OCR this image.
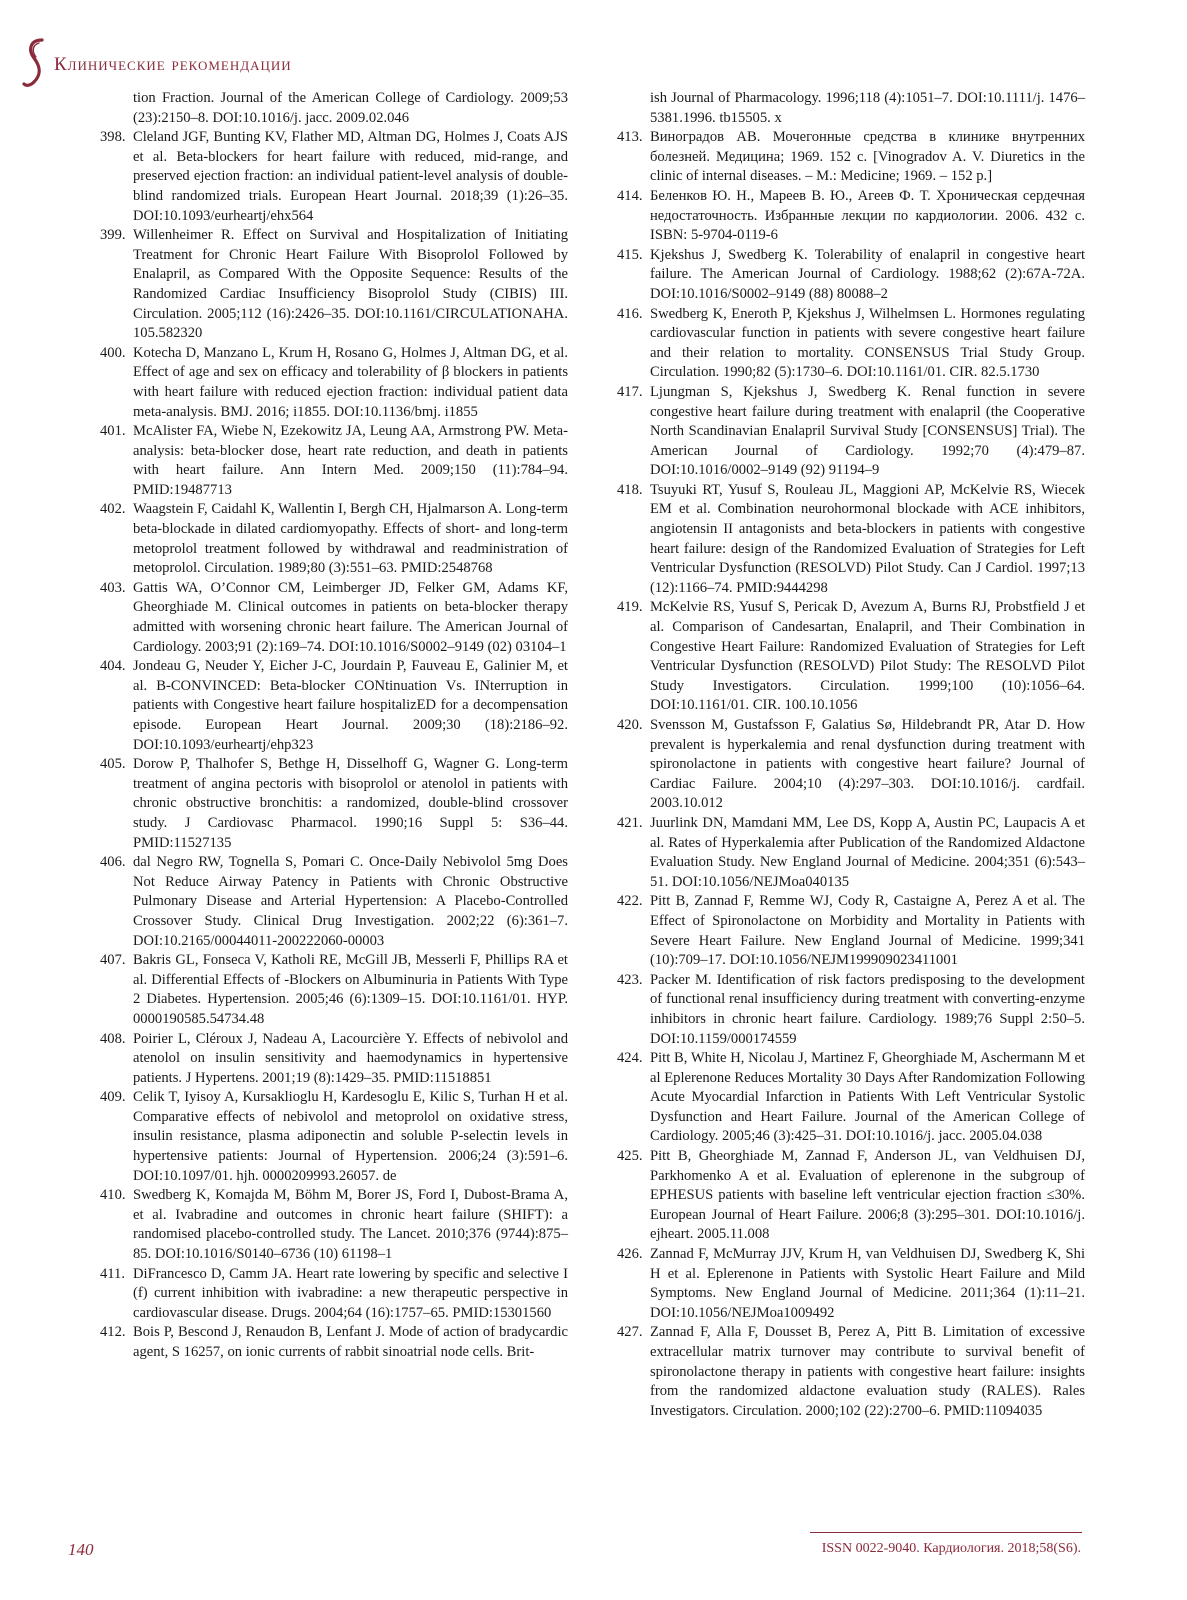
Клинические рекомендации

tion Fraction. Journal of the American College of Cardiology. 2009;53 (23):2150–8. DOI:10.1016/j. jacc. 2009.02.046

398. Cleland JGF, Bunting KV, Flather MD, Altman DG, Holmes J, Coats AJS et al. Beta-blockers for heart failure with reduced, mid-range, and preserved ejection fraction: an individual patient-level analysis of double-blind randomized trials. European Heart Journal. 2018;39 (1):26–35. DOI:10.1093/eurheartj/ehx564

399. Willenheimer R. Effect on Survival and Hospitalization of Initiating Treatment for Chronic Heart Failure With Bisoprolol Followed by Enalapril, as Compared With the Opposite Sequence: Results of the Randomized Cardiac Insufficiency Bisoprolol Study (CIBIS) III. Circulation. 2005;112 (16):2426–35. DOI:10.1161/CIRCULATIONAHA. 105.582320

400. Kotecha D, Manzano L, Krum H, Rosano G, Holmes J, Altman DG, et al. Effect of age and sex on efficacy and tolerability of β blockers in patients with heart failure with reduced ejection fraction: individual patient data meta-analysis. BMJ. 2016; i1855. DOI:10.1136/bmj. i1855

401. McAlister FA, Wiebe N, Ezekowitz JA, Leung AA, Armstrong PW. Meta-analysis: beta-blocker dose, heart rate reduction, and death in patients with heart failure. Ann Intern Med. 2009;150 (11):784–94. PMID:19487713

402. Waagstein F, Caidahl K, Wallentin I, Bergh CH, Hjalmarson A. Long-term beta-blockade in dilated cardiomyopathy. Effects of short- and long-term metoprolol treatment followed by withdrawal and readministration of metoprolol. Circulation. 1989;80 (3):551–63. PMID:2548768

403. Gattis WA, O’Connor CM, Leimberger JD, Felker GM, Adams KF, Gheorghiade M. Clinical outcomes in patients on beta-blocker therapy admitted with worsening chronic heart failure. The American Journal of Cardiology. 2003;91 (2):169–74. DOI:10.1016/S0002–9149 (02) 03104–1

404. Jondeau G, Neuder Y, Eicher J-C, Jourdain P, Fauveau E, Galinier M, et al. B-CONVINCED: Beta-blocker CONtinuation Vs. INterruption in patients with Congestive heart failure hospitalizED for a decompensation episode. European Heart Journal. 2009;30 (18):2186–92. DOI:10.1093/eurheartj/ehp323

405. Dorow P, Thalhofer S, Bethge H, Disselhoff G, Wagner G. Long-term treatment of angina pectoris with bisoprolol or atenolol in patients with chronic obstructive bronchitis: a randomized, double-blind crossover study. J Cardiovasc Pharmacol. 1990;16 Suppl 5: S36–44. PMID:11527135

406. dal Negro RW, Tognella S, Pomari C. Once-Daily Nebivolol 5mg Does Not Reduce Airway Patency in Patients with Chronic Obstructive Pulmonary Disease and Arterial Hypertension: A Placebo-Controlled Crossover Study. Clinical Drug Investigation. 2002;22 (6):361–7. DOI:10.2165/00044011-200222060-00003

407. Bakris GL, Fonseca V, Katholi RE, McGill JB, Messerli F, Phillips RA et al. Differential Effects of -Blockers on Albuminuria in Patients With Type 2 Diabetes. Hypertension. 2005;46 (6):1309–15. DOI:10.1161/01. HYP. 0000190585.54734.48

408. Poirier L, Cléroux J, Nadeau A, Lacourcière Y. Effects of nebivolol and atenolol on insulin sensitivity and haemodynamics in hypertensive patients. J Hypertens. 2001;19 (8):1429–35. PMID:11518851

409. Celik T, Iyisoy A, Kursaklioglu H, Kardesoglu E, Kilic S, Turhan H et al. Comparative effects of nebivolol and metoprolol on oxidative stress, insulin resistance, plasma adiponectin and soluble P-selectin levels in hypertensive patients: Journal of Hypertension. 2006;24 (3):591–6. DOI:10.1097/01. hjh. 0000209993.26057. de

410. Swedberg K, Komajda M, Böhm M, Borer JS, Ford I, Dubost-Brama A, et al. Ivabradine and outcomes in chronic heart failure (SHIFT): a randomised placebo-controlled study. The Lancet. 2010;376 (9744):875–85. DOI:10.1016/S0140–6736 (10) 61198–1

411. DiFrancesco D, Camm JA. Heart rate lowering by specific and selective I (f) current inhibition with ivabradine: a new therapeutic perspective in cardiovascular disease. Drugs. 2004;64 (16):1757–65. PMID:15301560

412. Bois P, Bescond J, Renaudon B, Lenfant J. Mode of action of bradycardic agent, S 16257, on ionic currents of rabbit sinoatrial node cells. Brit-

ish Journal of Pharmacology. 1996;118 (4):1051–7. DOI:10.1111/j. 1476–5381.1996. tb15505. x

413. Виноградов АВ. Мочегонные средства в клинике внутренних болезней. Медицина; 1969. 152 с. [Vinogradov A. V. Diuretics in the clinic of internal diseases. – M.: Medicine; 1969. – 152 p.]

414. Беленков Ю. Н., Мареев В. Ю., Агеев Ф. Т. Хроническая сердечная недостаточность. Избранные лекции по кардиологии. 2006. 432 с. ISBN: 5-9704-0119-6

415. Kjekshus J, Swedberg K. Tolerability of enalapril in congestive heart failure. The American Journal of Cardiology. 1988;62 (2):67A-72A. DOI:10.1016/S0002–9149 (88) 80088–2

416. Swedberg K, Eneroth P, Kjekshus J, Wilhelmsen L. Hormones regulating cardiovascular function in patients with severe congestive heart failure and their relation to mortality. CONSENSUS Trial Study Group. Circulation. 1990;82 (5):1730–6. DOI:10.1161/01. CIR. 82.5.1730

417. Ljungman S, Kjekshus J, Swedberg K. Renal function in severe congestive heart failure during treatment with enalapril (the Cooperative North Scandinavian Enalapril Survival Study [CONSENSUS] Trial). The American Journal of Cardiology. 1992;70 (4):479–87. DOI:10.1016/0002–9149 (92) 91194–9

418. Tsuyuki RT, Yusuf S, Rouleau JL, Maggioni AP, McKelvie RS, Wiecek EM et al. Combination neurohormonal blockade with ACE inhibitors, angiotensin II antagonists and beta-blockers in patients with congestive heart failure: design of the Randomized Evaluation of Strategies for Left Ventricular Dysfunction (RESOLVD) Pilot Study. Can J Cardiol. 1997;13 (12):1166–74. PMID:9444298

419. McKelvie RS, Yusuf S, Pericak D, Avezum A, Burns RJ, Probstfield J et al. Comparison of Candesartan, Enalapril, and Their Combination in Congestive Heart Failure: Randomized Evaluation of Strategies for Left Ventricular Dysfunction (RESOLVD) Pilot Study: The RESOLVD Pilot Study Investigators. Circulation. 1999;100 (10):1056–64. DOI:10.1161/01. CIR. 100.10.1056

420. Svensson M, Gustafsson F, Galatius Sø, Hildebrandt PR, Atar D. How prevalent is hyperkalemia and renal dysfunction during treatment with spironolactone in patients with congestive heart failure? Journal of Cardiac Failure. 2004;10 (4):297–303. DOI:10.1016/j. cardfail. 2003.10.012

421. Juurlink DN, Mamdani MM, Lee DS, Kopp A, Austin PC, Laupacis A et al. Rates of Hyperkalemia after Publication of the Randomized Aldactone Evaluation Study. New England Journal of Medicine. 2004;351 (6):543–51. DOI:10.1056/NEJMoa040135

422. Pitt B, Zannad F, Remme WJ, Cody R, Castaigne A, Perez A et al. The Effect of Spironolactone on Morbidity and Mortality in Patients with Severe Heart Failure. New England Journal of Medicine. 1999;341 (10):709–17. DOI:10.1056/NEJM199909023411001

423. Packer M. Identification of risk factors predisposing to the development of functional renal insufficiency during treatment with converting-enzyme inhibitors in chronic heart failure. Cardiology. 1989;76 Suppl 2:50–5. DOI:10.1159/000174559

424. Pitt B, White H, Nicolau J, Martinez F, Gheorghiade M, Aschermann M et al Eplerenone Reduces Mortality 30 Days After Randomization Following Acute Myocardial Infarction in Patients With Left Ventricular Systolic Dysfunction and Heart Failure. Journal of the American College of Cardiology. 2005;46 (3):425–31. DOI:10.1016/j. jacc. 2005.04.038

425. Pitt B, Gheorghiade M, Zannad F, Anderson JL, van Veldhuisen DJ, Parkhomenko A et al. Evaluation of eplerenone in the subgroup of EPHESUS patients with baseline left ventricular ejection fraction ≤30%. European Journal of Heart Failure. 2006;8 (3):295–301. DOI:10.1016/j. ejheart. 2005.11.008

426. Zannad F, McMurray JJV, Krum H, van Veldhuisen DJ, Swedberg K, Shi H et al. Eplerenone in Patients with Systolic Heart Failure and Mild Symptoms. New England Journal of Medicine. 2011;364 (1):11–21. DOI:10.1056/NEJMoa1009492

427. Zannad F, Alla F, Dousset B, Perez A, Pitt B. Limitation of excessive extracellular matrix turnover may contribute to survival benefit of spironolactone therapy in patients with congestive heart failure: insights from the randomized aldactone evaluation study (RALES). Rales Investigators. Circulation. 2000;102 (22):2700–6. PMID:11094035

140	ISSN 0022-9040. Кардиология. 2018;58(S6).
